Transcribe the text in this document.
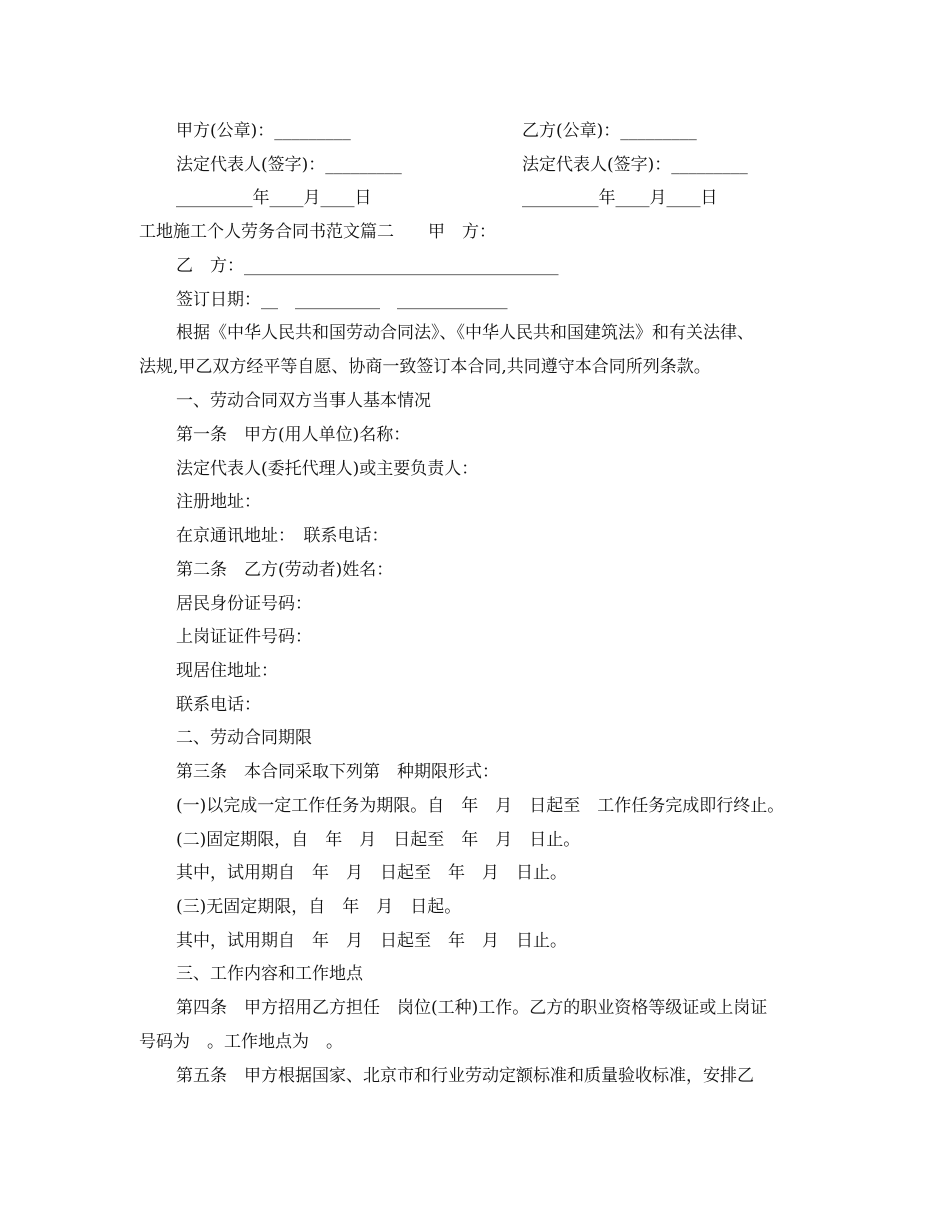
甲方(公章)：_________	乙方(公章)：_________
法定代表人(签字)：_________	法定代表人(签字)：_________
_________年____月____日	_________年____月____日
工地施工个人劳务合同书范文篇二　　甲　方：
乙　方：_____________________________________
签订日期：__　__________　_____________
根据《中华人民共和国劳动合同法》、《中华人民共和国建筑法》和有关法律、
法规,甲乙双方经平等自愿、协商一致签订本合同,共同遵守本合同所列条款。
一、劳动合同双方当事人基本情况
第一条　甲方(用人单位)名称：
法定代表人(委托代理人)或主要负责人：
注册地址：
在京通讯地址：　联系电话：
第二条　乙方(劳动者)姓名：
居民身份证号码：
上岗证证件号码：
现居住地址：
联系电话：
二、劳动合同期限
第三条　本合同采取下列第　种期限形式：
(一)以完成一定工作任务为期限。自　年　月　日起至　工作任务完成即行终止。
(二)固定期限，自　年　月　日起至　年　月　日止。
其中，试用期自　年　月　日起至　年　月　日止。
(三)无固定期限，自　年　月　日起。
其中，试用期自　年　月　日起至　年　月　日止。
三、工作内容和工作地点
第四条　甲方招用乙方担任　岗位(工种)工作。乙方的职业资格等级证或上岗证
号码为　。工作地点为　。
第五条　甲方根据国家、北京市和行业劳动定额标准和质量验收标准，安排乙
